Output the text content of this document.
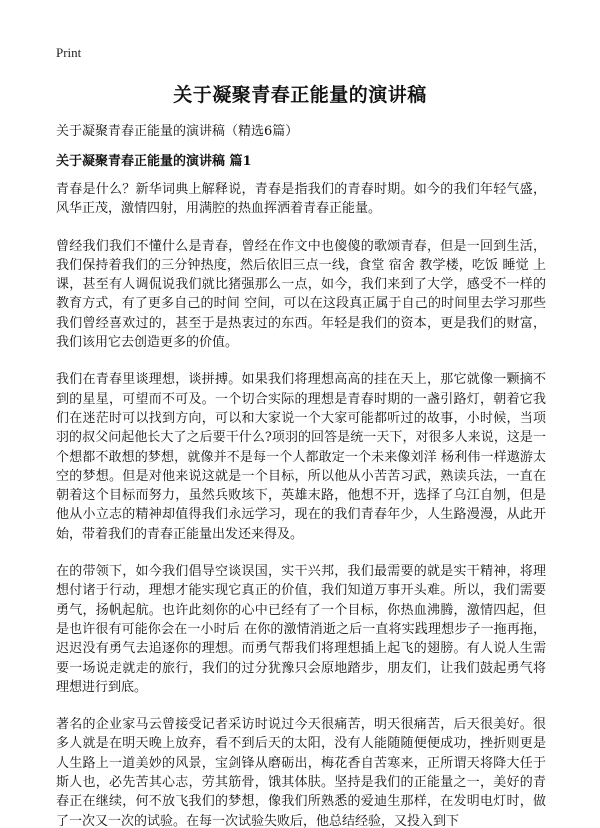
Print
关于凝聚青春正能量的演讲稿

关于凝聚青春正能量的演讲稿（精选6篇）

关于凝聚青春正能量的演讲稿 篇1

青春是什么？新华词典上解释说，青春是指我们的青春时期。如今的我们年轻气盛，风华正茂，激情四射，用满腔的热血挥洒着青春正能量。

曾经我们我们不懂什么是青春，曾经在作文中也傻傻的歌颂青春，但是一回到生活，我们保持着我们的三分钟热度，然后依旧三点一线，食堂 宿舍 教学楼，吃饭 睡觉 上课，甚至有人调侃说我们就比猪强那么一点，如今，我们来到了大学，感受不一样的教育方式，有了更多自己的时间 空间，可以在这段真正属于自己的时间里去学习那些我们曾经喜欢过的，甚至于是热衷过的东西。年轻是我们的资本，更是我们的财富，我们该用它去创造更多的价值。

我们在青春里谈理想，谈拼搏。如果我们将理想高高的挂在天上，那它就像一颗摘不到的星星，可望而不可及。一个切合实际的理想是青春时期的一盏引路灯，朝着它我们在迷茫时可以找到方向，可以和大家说一个大家可能都听过的故事，小时候，当项羽的叔父问起他长大了之后要干什么?项羽的回答是统一天下，对很多人来说，这是一个想都不敢想的梦想，就像并不是每一个人都敢定一个未来像刘洋 杨利伟一样遨游太空的梦想。但是对他来说这就是一个目标，所以他从小苦苦习武，熟读兵法，一直在朝着这个目标而努力，虽然兵败垓下，英雄末路，他想不开，选择了乌江自刎，但是他从小立志的精神却值得我们永远学习，现在的我们青春年少，人生路漫漫，从此开始，带着我们的青春正能量出发还来得及。

在的带领下，如今我们倡导空谈误国，实干兴邦，我们最需要的就是实干精神，将理想付诸于行动，理想才能实现它真正的价值，我们知道万事开头难。所以，我们需要勇气，扬帆起航。也许此刻你的心中已经有了一个目标，你热血沸腾，激情四起，但是也许很有可能你会在一小时后 在你的激情消逝之后一直将实践理想步子一拖再拖，迟迟没有勇气去追逐你的理想。而勇气帮我们将理想插上起飞的翅膀。有人说人生需要一场说走就走的旅行，我们的过分犹豫只会原地踏步，朋友们，让我们鼓起勇气将理想进行到底。

著名的企业家马云曾接受记者采访时说过今天很痛苦，明天很痛苦，后天很美好。很多人就是在明天晚上放弃，看不到后天的太阳，没有人能随随便便成功，挫折则更是人生路上一道美妙的风景，宝剑锋从磨砺出，梅花香自苦寒来，正所谓天将降大任于斯人也，必先苦其心志，劳其筋骨，饿其体肤。坚持是我们的正能量之一，美好的青春正在继续，何不放飞我们的梦想，像我们所熟悉的爱迪生那样，在发明电灯时，做了一次又一次的试验。在每一次试验失败后，他总结经验，又投入到下
